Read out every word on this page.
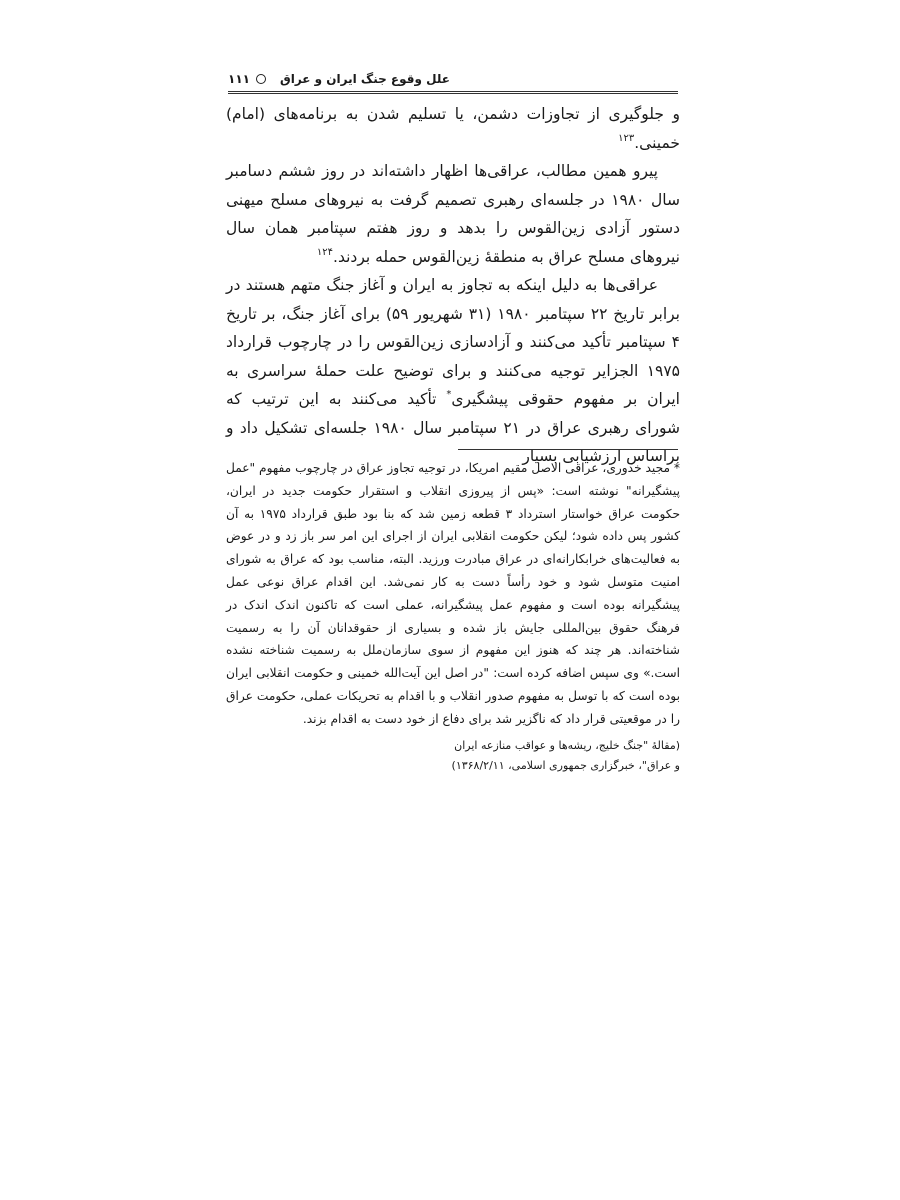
علل وقوع جنگ ایران و عراق
۱۱۱

و جلوگیری از تجاوزات دشمن، یا تسلیم شدن به برنامه‌های (امام) خمینی.$^{۱۲۳}$

پیرو همین مطالب، عراقی‌ها اظهار داشته‌اند در روز ششم دسامبر سال ۱۹۸۰ در جلسه‌ای رهبری تصمیم گرفت به نیروهای مسلح میهنی دستور آزادی زین‌القوس را بدهد و روز هفتم سپتامبر همان سال نیروهای مسلح عراق به منطقهٔ زین‌القوس حمله بردند.$^{۱۲۴}$

عراقی‌ها به دلیل اینکه به تجاوز به ایران و آغاز جنگ متهم هستند در برابر تاریخ ۲۲ سپتامبر ۱۹۸۰ (۳۱ شهریور ۵۹) برای آغاز جنگ، بر تاریخ ۴ سپتامبر تأکید می‌کنند و آزادسازی زین‌القوس را در چارچوب قرارداد ۱۹۷۵ الجزایر توجیه می‌کنند و برای توضیح علت حملهٔ سراسری به ایران بر مفهوم حقوقی پیشگیری* تأکید می‌کنند به این ترتیب که شورای رهبری عراق در ۲۱ سپتامبر سال ۱۹۸۰ جلسه‌ای تشکیل داد و براساس ارزشیابی بسیار

* مجید خدوری، عراقی الاصل مقیم امریکا، در توجیه تجاوز عراق در چارچوب مفهوم "عمل پیشگیرانه" نوشته است: «پس از پیروزی انقلاب و استقرار حکومت جدید در ایران، حکومت عراق خواستار استرداد ۳ قطعه زمین شد که بنا بود طبق قرارداد ۱۹۷۵ به آن کشور پس داده شود؛ لیکن حکومت انقلابی ایران از اجرای این امر سر باز زد و در عوض به فعالیت‌های خرابکارانه‌ای در عراق مبادرت ورزید. البته، مناسب بود که عراق به شورای امنیت متوسل شود و خود رأساً دست به کار نمی‌شد. این اقدام عراق نوعی عمل پیشگیرانه بوده است و مفهوم عمل پیشگیرانه، عملی است که تاکنون اندک اندک در فرهنگ حقوق بین‌المللی جایش باز شده و بسیاری از حقوقدانان آن را به رسمیت شناخته‌اند. هر چند که هنوز این مفهوم از سوی سازمان‌ملل به رسمیت شناخته نشده است.» وی سپس اضافه کرده است: "در اصل این آیت‌الله خمینی و حکومت انقلابی ایران بوده است که با توسل به مفهوم صدور انقلاب و با اقدام به تحریکات عملی، حکومت عراق را در موقعیتی قرار داد که ناگزیر شد برای دفاع از خود دست به اقدام بزند.

(مقالهٔ "جنگ خلیج، ریشه‌ها و عواقب منازعه ایران

و عراق"، خبرگزاری جمهوری اسلامی، ۱۳۶۸/۲/۱۱)
